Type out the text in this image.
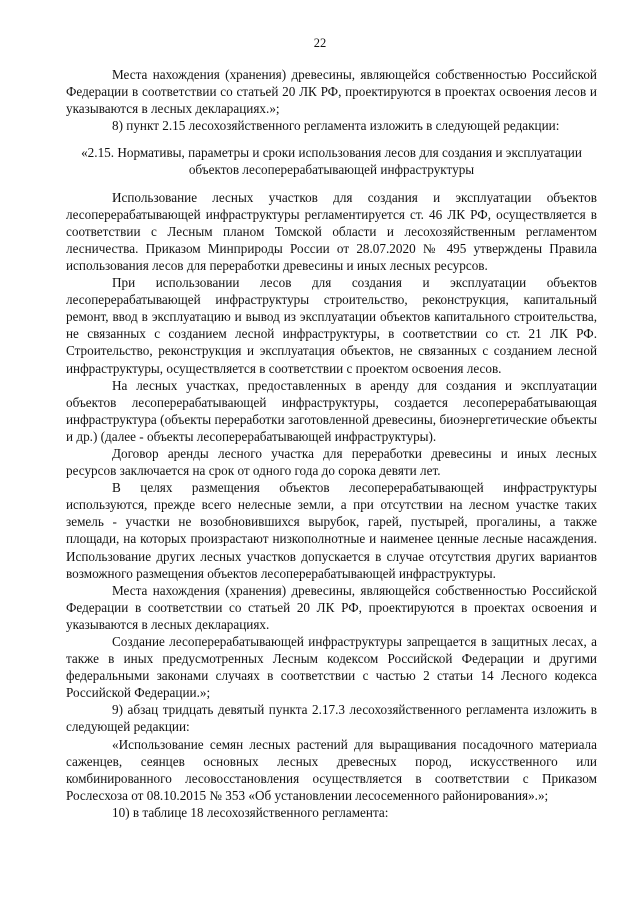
22

Места нахождения (хранения) древесины, являющейся собственностью Российской Федерации в соответствии со статьей 20 ЛК РФ, проектируются в проектах освоения лесов и указываются в лесных декларациях.»;

8) пункт 2.15 лесохозяйственного регламента изложить в следующей редакции:

«2.15. Нормативы, параметры и сроки использования лесов для создания и эксплуатации объектов лесоперерабатывающей инфраструктуры

Использование лесных участков для создания и эксплуатации объектов лесоперерабатывающей инфраструктуры регламентируется ст. 46 ЛК РФ, осуществляется в соответствии с Лесным планом Томской области и лесохозяйственным регламентом лесничества. Приказом Минприроды России от 28.07.2020 № 495 утверждены Правила использования лесов для переработки древесины и иных лесных ресурсов.

При использовании лесов для создания и эксплуатации объектов лесоперерабатывающей инфраструктуры строительство, реконструкция, капитальный ремонт, ввод в эксплуатацию и вывод из эксплуатации объектов капитального строительства, не связанных с созданием лесной инфраструктуры, в соответствии со ст. 21 ЛК РФ. Строительство, реконструкция и эксплуатация объектов, не связанных с созданием лесной инфраструктуры, осуществляется в соответствии с проектом освоения лесов.

На лесных участках, предоставленных в аренду для создания и эксплуатации объектов лесоперерабатывающей инфраструктуры, создается лесоперерабатывающая инфраструктура (объекты переработки заготовленной древесины, биоэнергетические объекты и др.) (далее - объекты лесоперерабатывающей инфраструктуры).

Договор аренды лесного участка для переработки древесины и иных лесных ресурсов заключается на срок от одного года до сорока девяти лет.

В целях размещения объектов лесоперерабатывающей инфраструктуры используются, прежде всего нелесные земли, а при отсутствии на лесном участке таких земель - участки не возобновившихся вырубок, гарей, пустырей, прогалины, а также площади, на которых произрастают низкополнотные и наименее ценные лесные насаждения. Использование других лесных участков допускается в случае отсутствия других вариантов возможного размещения объектов лесоперерабатывающей инфраструктуры.

Места нахождения (хранения) древесины, являющейся собственностью Российской Федерации в соответствии со статьей 20 ЛК РФ, проектируются в проектах освоения и указываются в лесных декларациях.

Создание лесоперерабатывающей инфраструктуры запрещается в защитных лесах, а также в иных предусмотренных Лесным кодексом Российской Федерации и другими федеральными законами случаях в соответствии с частью 2 статьи 14 Лесного кодекса Российской Федерации.»;

9) абзац тридцать девятый пункта 2.17.3 лесохозяйственного регламента изложить в следующей редакции:

«Использование семян лесных растений для выращивания посадочного материала саженцев, сеянцев основных лесных древесных пород, искусственного или комбинированного лесовосстановления осуществляется в соответствии с Приказом Рослесхоза от 08.10.2015 № 353 «Об установлении лесосеменного районирования».»;

10) в таблице 18 лесохозяйственного регламента:
